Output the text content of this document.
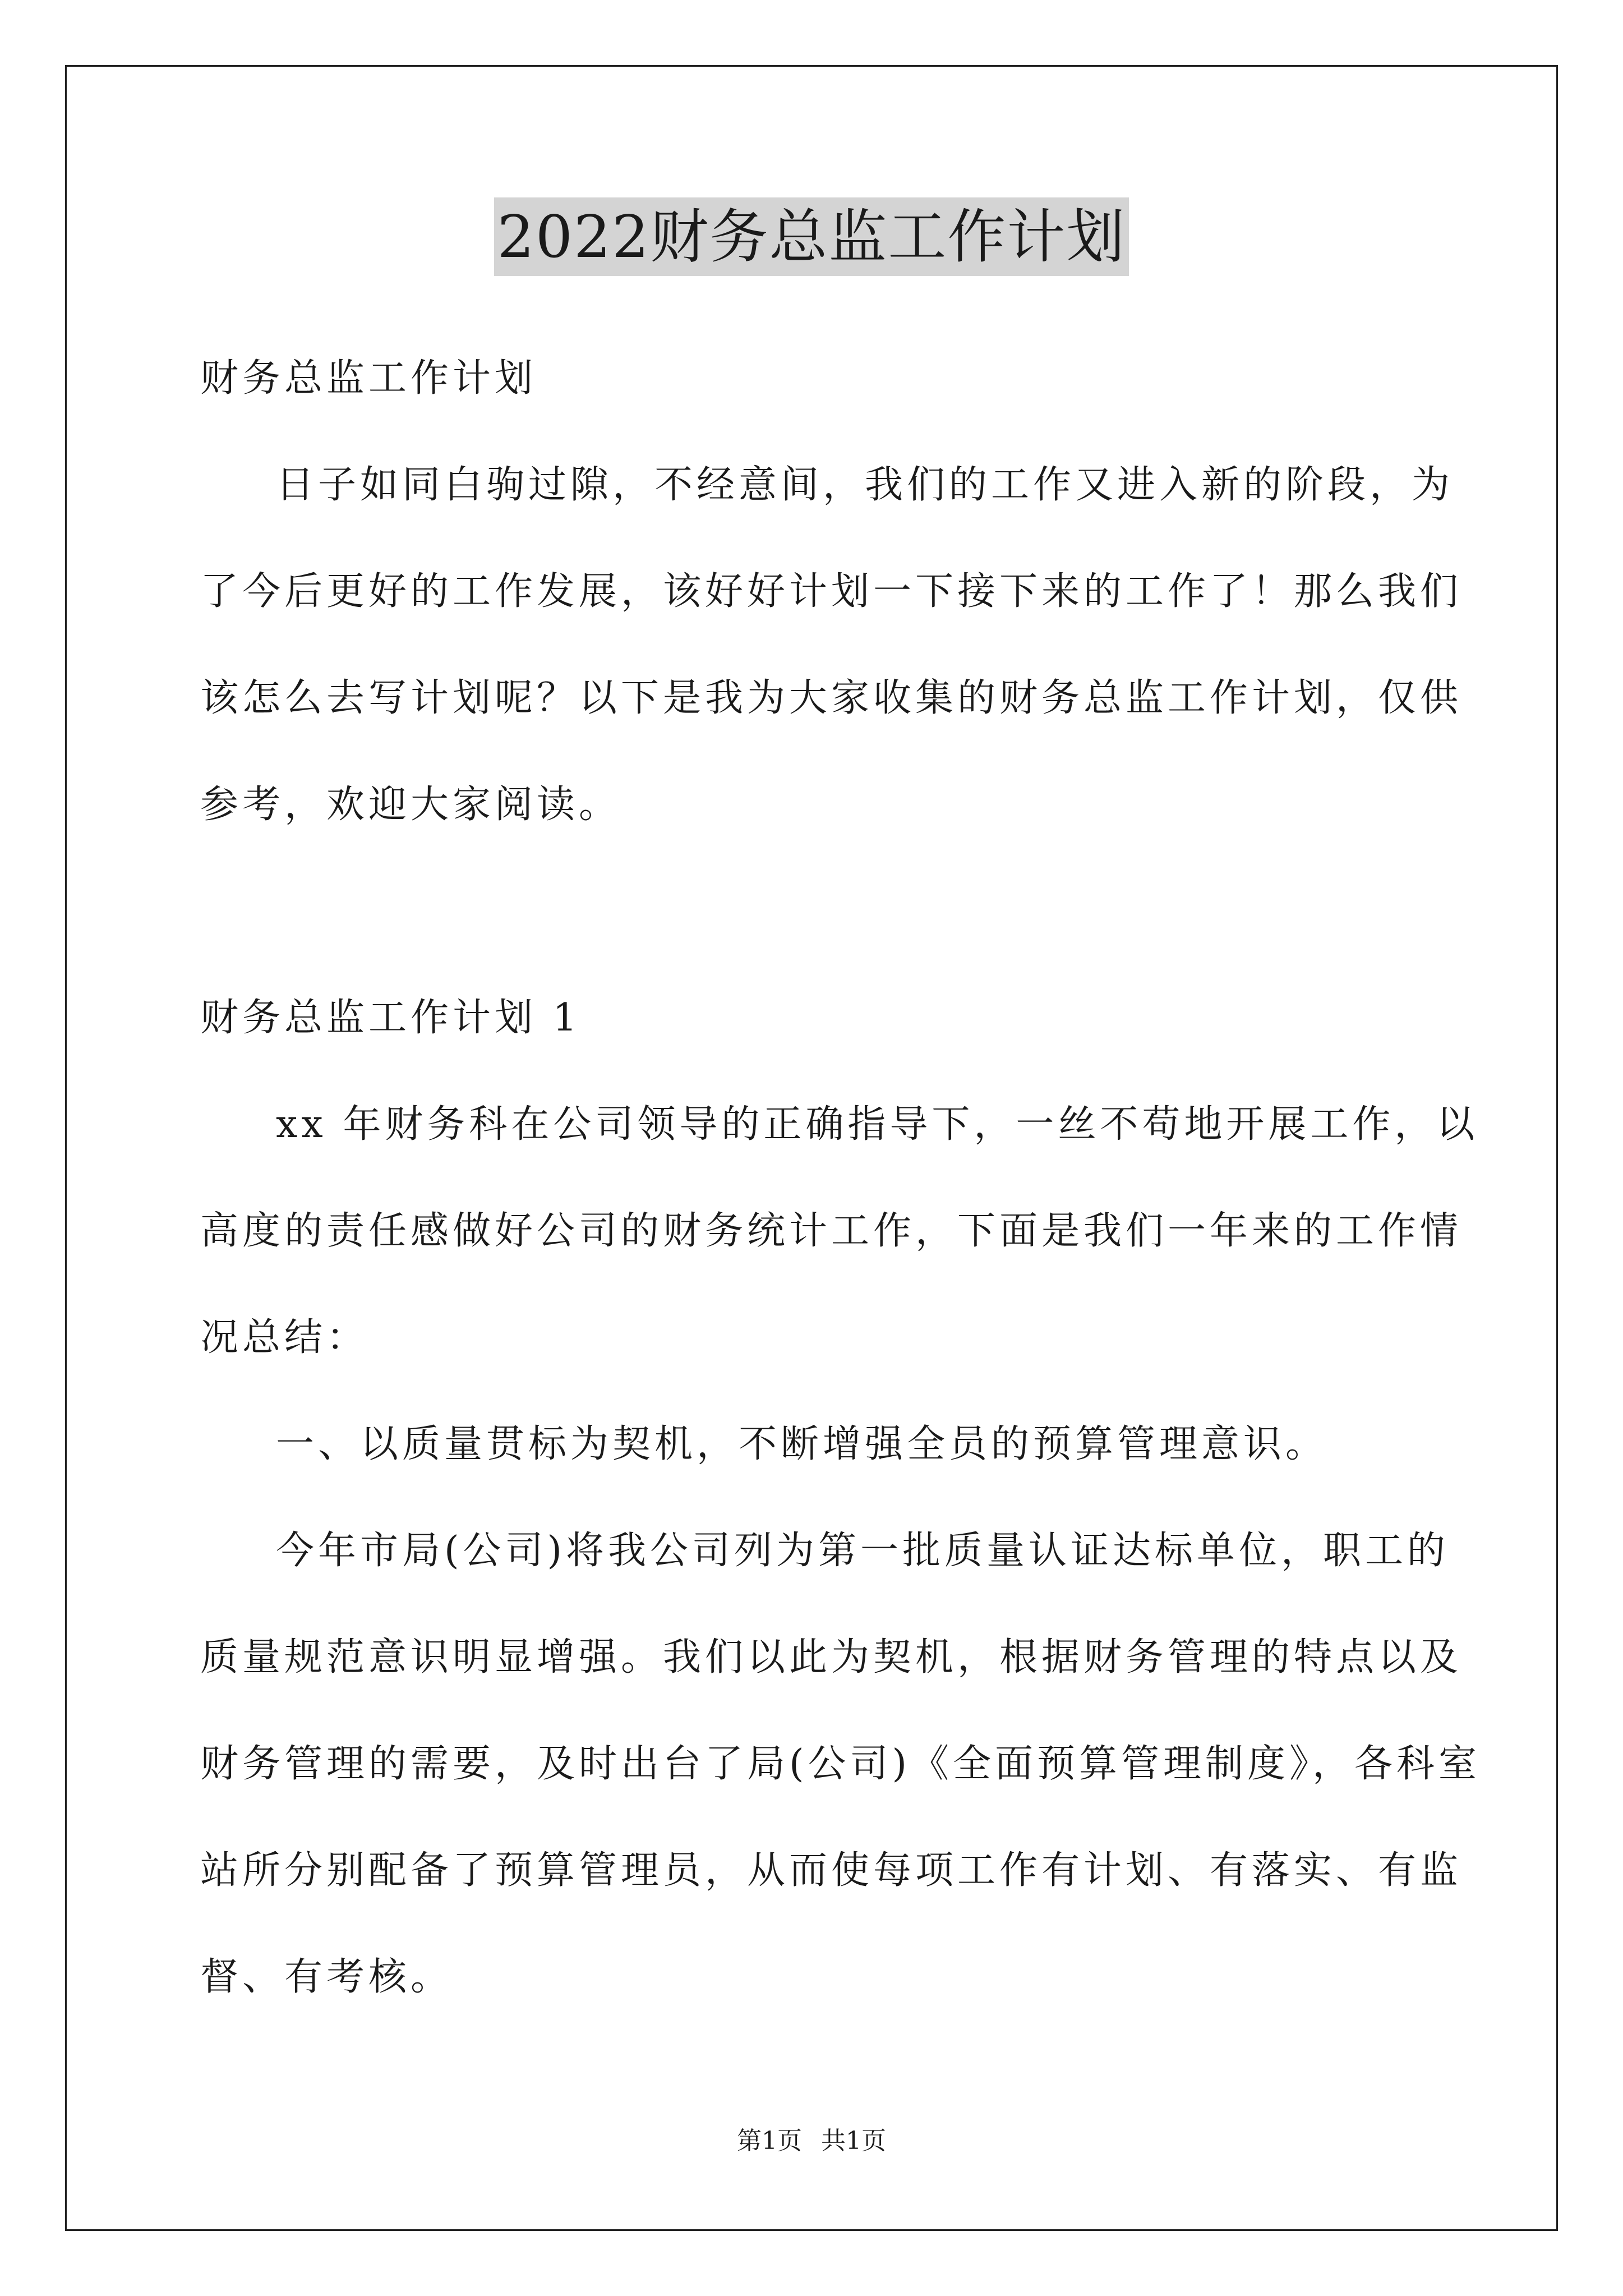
2022财务总监工作计划
财务总监工作计划
日子如同白驹过隙，不经意间，我们的工作又进入新的阶段，为
了今后更好的工作发展，该好好计划一下接下来的工作了！那么我们
该怎么去写计划呢？以下是我为大家收集的财务总监工作计划，仅供
参考，欢迎大家阅读。
财务总监工作计划 1
xx 年财务科在公司领导的正确指导下，一丝不苟地开展工作，以
高度的责任感做好公司的财务统计工作，下面是我们一年来的工作情
况总结：
一、以质量贯标为契机，不断增强全员的预算管理意识。
今年市局(公司)将我公司列为第一批质量认证达标单位，职工的
质量规范意识明显增强。我们以此为契机，根据财务管理的特点以及
财务管理的需要，及时出台了局(公司)《全面预算管理制度》，各科室
站所分别配备了预算管理员，从而使每项工作有计划、有落实、有监
督、有考核。
第1页 共1页
